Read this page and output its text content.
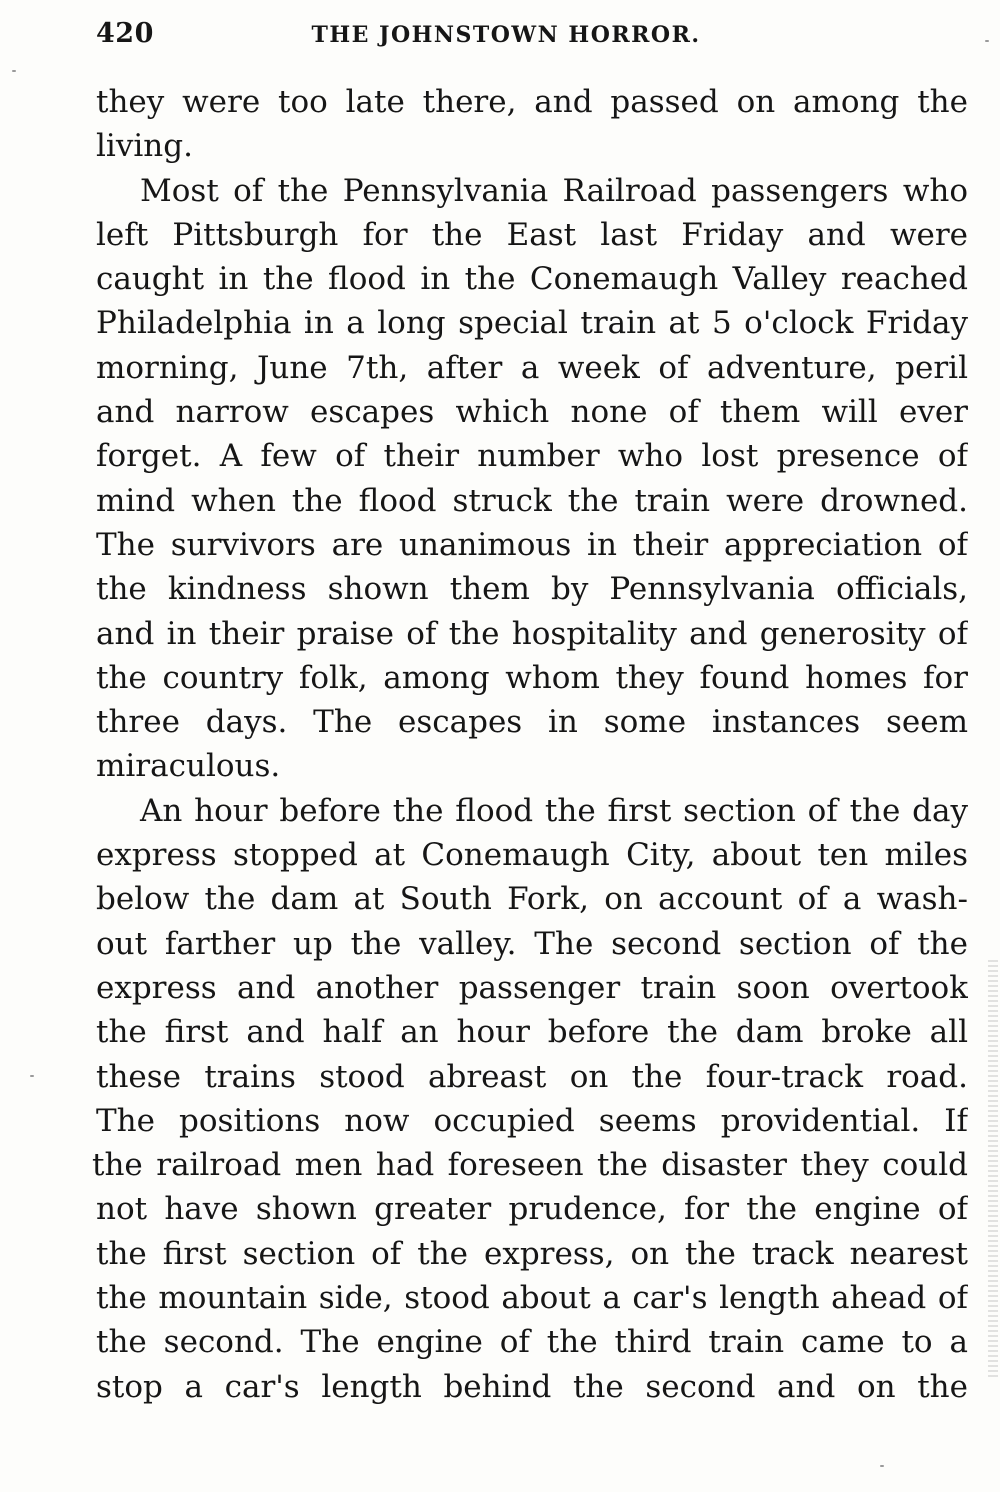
420	THE JOHNSTOWN HORROR.
they were too late there, and passed on among the
living.
Most of the Pennsylvania Railroad passengers who
left Pittsburgh for the East last Friday and were
caught in the flood in the Conemaugh Valley reached
Philadelphia in a long special train at 5 o'clock Friday
morning, June 7th, after a week of adventure, peril
and narrow escapes which none of them will ever
forget. A few of their number who lost presence of
mind when the flood struck the train were drowned.
The survivors are unanimous in their appreciation of
the kindness shown them by Pennsylvania officials,
and in their praise of the hospitality and generosity of
the country folk, among whom they found homes for
three days. The escapes in some instances seem
miraculous.
An hour before the flood the first section of the day
express stopped at Conemaugh City, about ten miles
below the dam at South Fork, on account of a wash-
out farther up the valley. The second section of the
express and another passenger train soon overtook
the first and half an hour before the dam broke all
these trains stood abreast on the four-track road.
The positions now occupied seems providential. If
the railroad men had foreseen the disaster they could
not have shown greater prudence, for the engine of
the first section of the express, on the track nearest
the mountain side, stood about a car's length ahead of
the second. The engine of the third train came to a
stop a car's length behind the second and on the
